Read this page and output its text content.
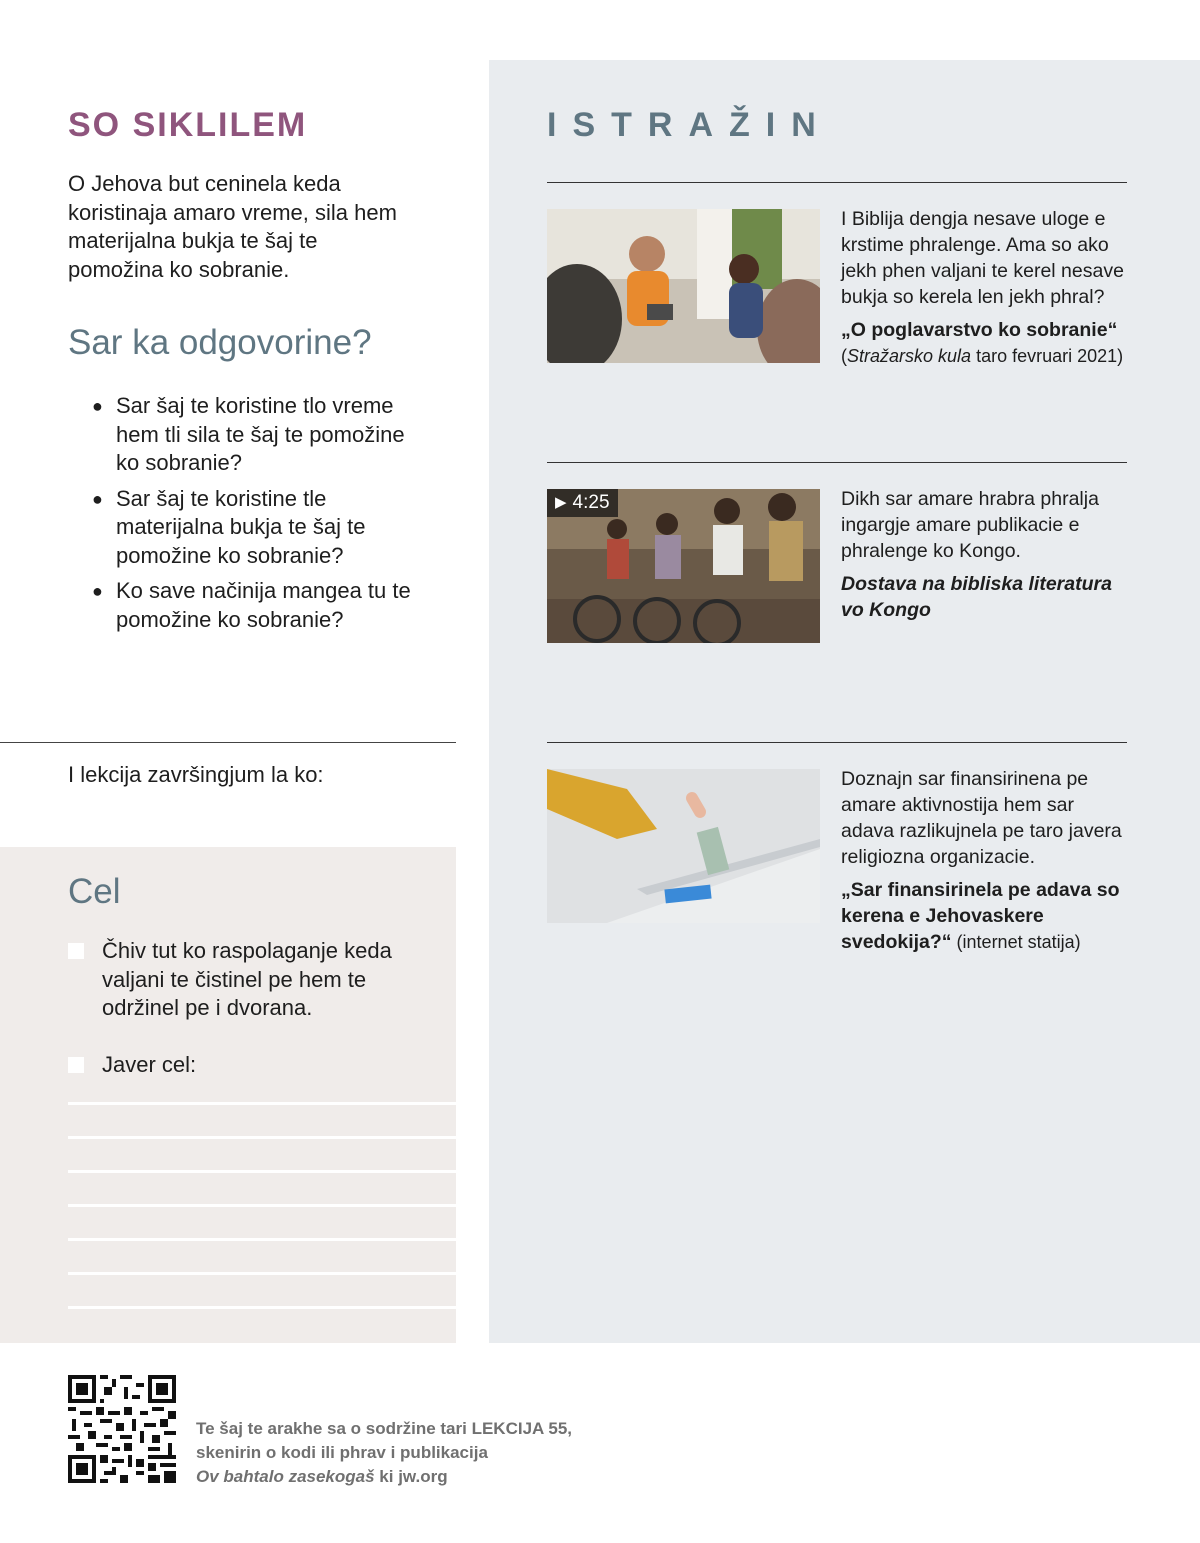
SO SIKLILEM

O Jehova but ceninela keda koristinaja amaro vreme, sila hem materijalna bukja te šaj te pomožina ko sobranie.

Sar ka odgovorine?
● Sar šaj te koristine tlo vreme hem tli sila te šaj te pomožine ko sobranie?
● Sar šaj te koristine tle materijalna bukja te šaj te pomožine ko sobranie?
● Ko save načinija mangea tu te pomožine ko sobranie?
I lekcija završingjum la ko:
Cel
Čhiv tut ko raspolaganje keda valjani te čistinel pe hem te održinel pe i dvorana.
Javer cel:
ISTRAŽIN
I Biblija dengja nesave uloge e krstime phralenge. Ama so ako jekh phen valjani te kerel nesave bukja so kerela len jekh phral?
„O poglavarstvo ko sobranie“
(Stražarsko kula taro fevruari 2021)
▶ 4:25	Dikh sar amare hrabra phralja ingargje amare publikacie e phralenge ko Kongo.
Dostava na bibliska literatura vo Kongo
Doznajn sar finansirinena pe amare aktivnostija hem sar adava razlikujnela pe taro javera religiozna organizacie.
„Sar finansirinela pe adava so kerena e Jehovaskere svedokija?“ (internet statija)
Te šaj te arakhe sa o sodržine tari LEKCIJA 55,
skenirin o kodi ili phrav i publikacija
Ov bahtalo zasekogaš ki jw.org
